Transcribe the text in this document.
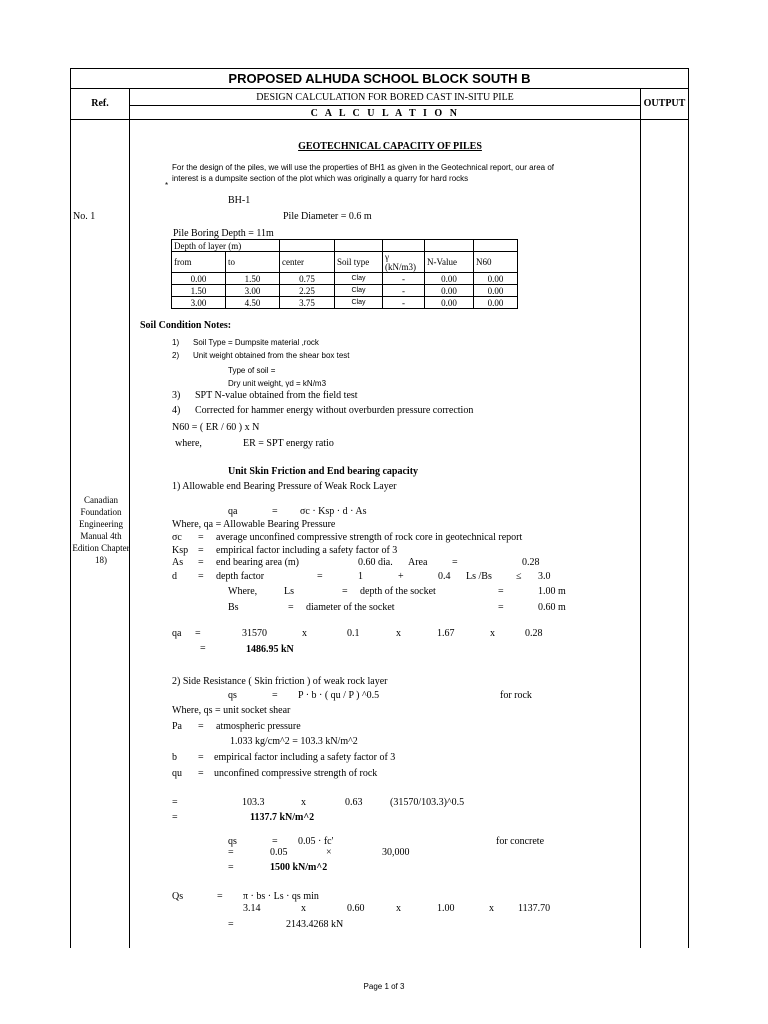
PROPOSED ALHUDA SCHOOL BLOCK SOUTH B
DESIGN CALCULATION FOR BORED CAST IN-SITU PILE
C A L C U L A T I O N
Ref.	OUTPUT
GEOTECHNICAL CAPACITY OF PILES
For the design of the piles, we will use the properties of BH1 as given in the Geotechnical report, our area of
interest is a dumpsite section of the plot which was originally a quarry for hard rocks
*
BH-1
No. 1	Pile Diameter = 0.6 m
Pile Boring Depth = 11m
Depth of layer (m)						
from	to	center	Soil type	γ (kN/m3)	N-Value	N60
0.00	1.50	0.75	Clay	-	0.00	0.00
1.50	3.00	2.25	Clay	-	0.00	0.00
3.00	4.50	3.75	Clay	-	0.00	0.00
Soil Condition Notes:
1) Soil Type = Dumpsite material ,rock
2) Unit weight obtained from the shear box test
Type of soil =
Dry unit weight, γd = kN/m3
3) SPT N-value obtained from the field test
4) Corrected for hammer energy without overburden pressure correction
N60 = ( ER / 60 ) x N
where,	ER = SPT energy ratio
Unit Skin Friction and End bearing capacity
1) Allowable end Bearing Pressure of Weak Rock Layer
Canadian Foundation Engineering Manual 4th Edition Chapter 18)
qa	= σc · Ksp · d · As
Where, qa = Allowable Bearing Pressure
σc = average unconfined compressive strength of rock core in geotechnical report
Ksp = empirical factor including a safety factor of 3
As = end bearing area (m)	0.60 dia. Area =	0.28
d = depth factor	=	1	+	0.4 Ls /Bs ≤ 3.0
Where,	Ls	= depth of the socket	=	1.00 m
Bs	= diameter of the socket	=	0.60 m
qa =	31570	x	0.1	x	1.67	x	0.28
=	1486.95 kN
2) Side Resistance ( Skin friction ) of weak rock layer
qs	= P · b · ( qu / P ) ^0.5	for rock
Where, qs = unit socket shear
Pa = atmospheric pressure
1.033 kg/cm^2 = 103.3 kN/m^2
b = empirical factor including a safety factor of 3
qu = unconfined compressive strength of rock
=	103.3	x	0.63	(31570/103.3)^0.5
=	1137.7 kN/m^2
qs	= 0.05 · fc'	for concrete
=	0.05	×	30,000
=	1500 kN/m^2
Qs	= π · bs · Ls · qs min
3.14	x	0.60	x	1.00	x 1137.70
=	2143.4268 kN
Page 1 of 3
